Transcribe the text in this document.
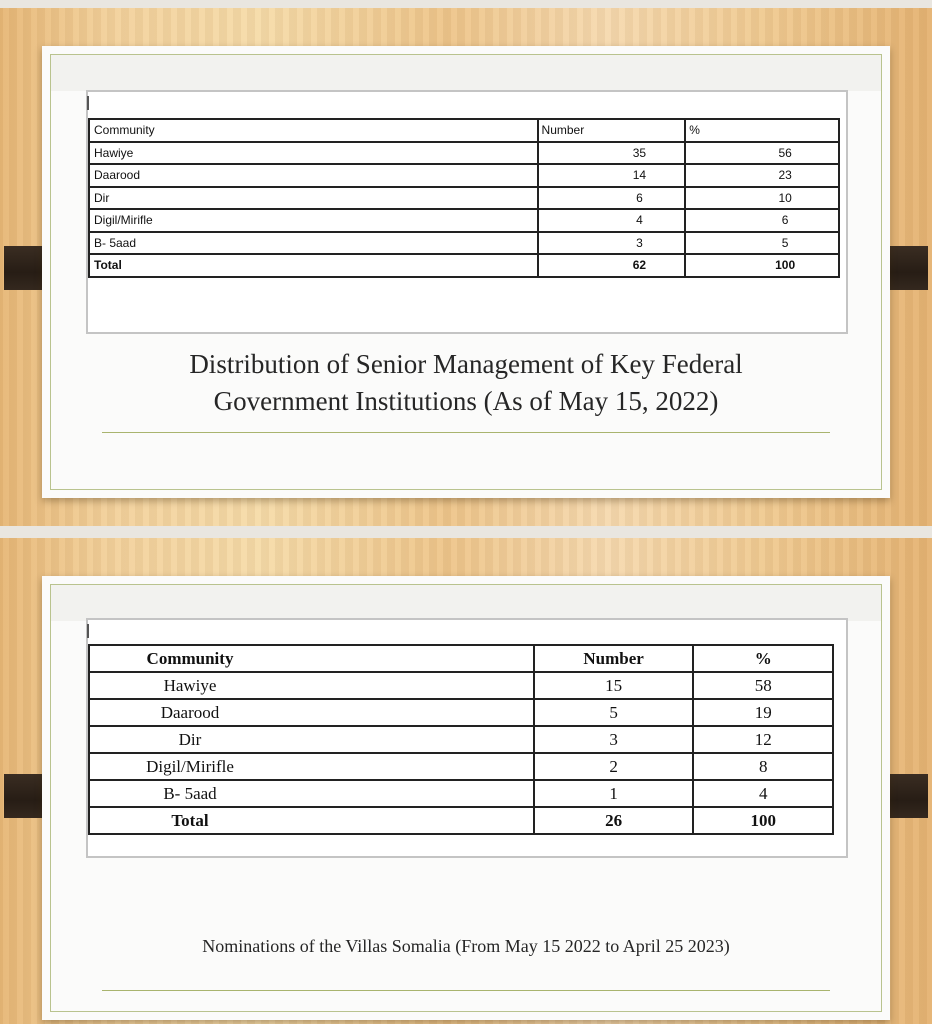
Community	Number	%
Hawiye	35	56
Daarood	14	23
Dir	6	10
Digil/Mirifle	4	6
B- 5aad	3	5
Total	62	100
Distribution of Senior Management of Key Federal
Government Institutions (As of May 15, 2022)
Community	Number	%
Hawiye	15	58
Daarood	5	19
Dir	3	12
Digil/Mirifle	2	8
B- 5aad	1	4
Total	26	100
Nominations of the Villas Somalia (From May 15 2022 to April 25 2023)
